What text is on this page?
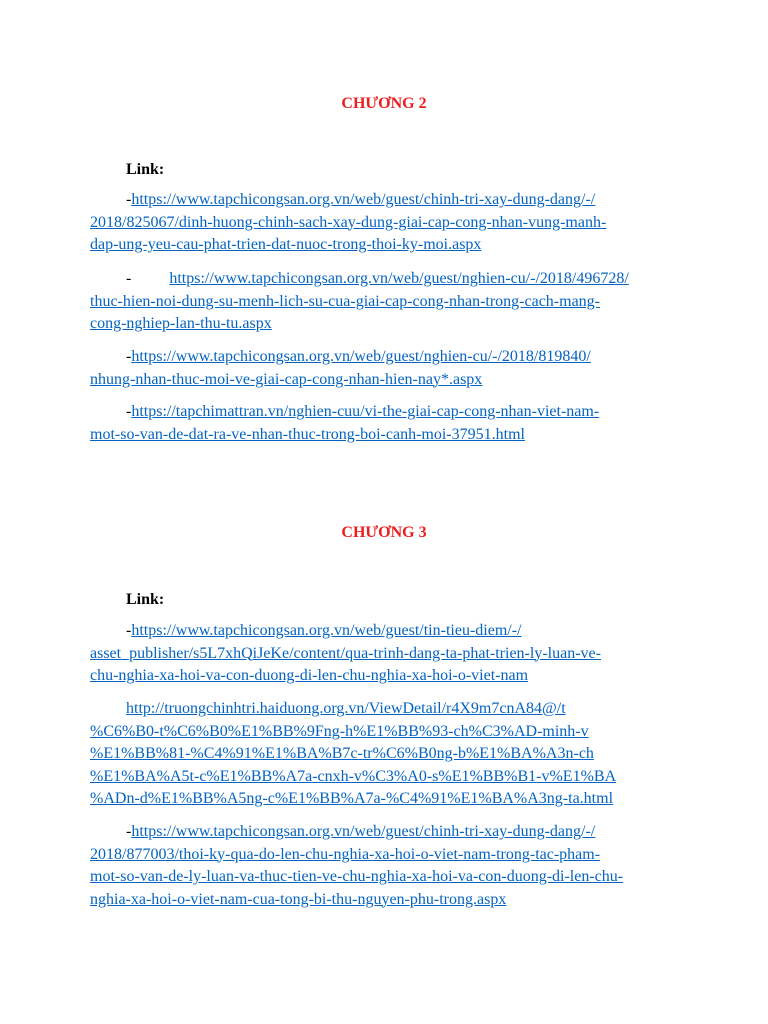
CHƯƠNG 2

Link:

-https://www.tapchicongsan.org.vn/web/guest/chinh-tri-xay-dung-dang/-/
2018/825067/dinh-huong-chinh-sach-xay-dung-giai-cap-cong-nhan-vung-manh-
dap-ung-yeu-cau-phat-trien-dat-nuoc-trong-thoi-ky-moi.aspx
- https://www.tapchicongsan.org.vn/web/guest/nghien-cu/-/2018/496728/
thuc-hien-noi-dung-su-menh-lich-su-cua-giai-cap-cong-nhan-trong-cach-mang-
cong-nghiep-lan-thu-tu.aspx
-https://www.tapchicongsan.org.vn/web/guest/nghien-cu/-/2018/819840/
nhung-nhan-thuc-moi-ve-giai-cap-cong-nhan-hien-nay*.aspx
-https://tapchimattran.vn/nghien-cuu/vi-the-giai-cap-cong-nhan-viet-nam-
mot-so-van-de-dat-ra-ve-nhan-thuc-trong-boi-canh-moi-37951.html
CHƯƠNG 3

Link:

-https://www.tapchicongsan.org.vn/web/guest/tin-tieu-diem/-/
asset_publisher/s5L7xhQiJeKe/content/qua-trinh-dang-ta-phat-trien-ly-luan-ve-
chu-nghia-xa-hoi-va-con-duong-di-len-chu-nghia-xa-hoi-o-viet-nam
http://truongchinhtri.haiduong.org.vn/ViewDetail/r4X9m7cnA84@/t
%C6%B0-t%C6%B0%E1%BB%9Fng-h%E1%BB%93-ch%C3%AD-minh-v
%E1%BB%81-%C4%91%E1%BA%B7c-tr%C6%B0ng-b%E1%BA%A3n-ch
%E1%BA%A5t-c%E1%BB%A7a-cnxh-v%C3%A0-s%E1%BB%B1-v%E1%BA
%ADn-d%E1%BB%A5ng-c%E1%BB%A7a-%C4%91%E1%BA%A3ng-ta.html
-https://www.tapchicongsan.org.vn/web/guest/chinh-tri-xay-dung-dang/-/
2018/877003/thoi-ky-qua-do-len-chu-nghia-xa-hoi-o-viet-nam-trong-tac-pham-
mot-so-van-de-ly-luan-va-thuc-tien-ve-chu-nghia-xa-hoi-va-con-duong-di-len-chu-
nghia-xa-hoi-o-viet-nam-cua-tong-bi-thu-nguyen-phu-trong.aspx
